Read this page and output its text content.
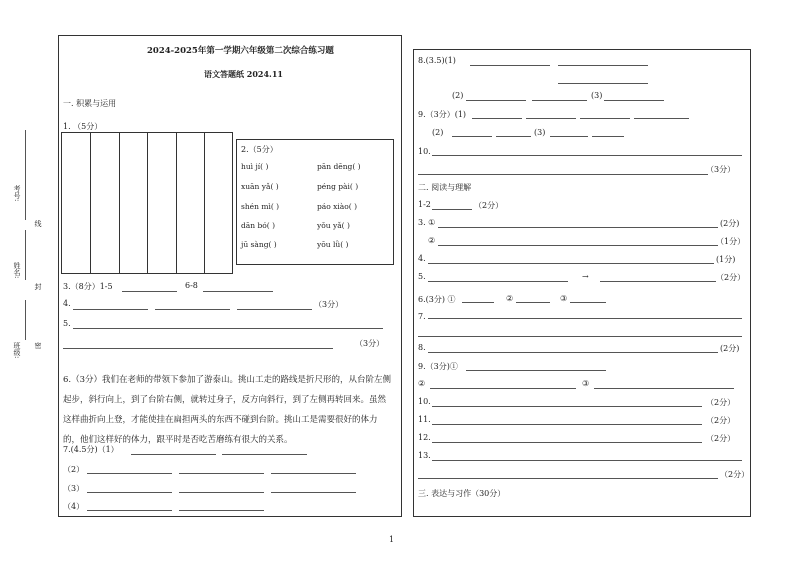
考号:
线
姓名:
封
班级: 密
2024-2025年第一学期六年级第二次综合练习题
语文答题纸 2024.11
一. 积累与运用
1. （5分）
2.（5分）
huì jí( )	pān dēng( )
xuān yǎ( )	péng pài( )
shén mì( )	páo xiào( )
dān bó( )	yǒu yǎ( )
jū sàng( )	yōu lǜ( )
3.（8分）1-5	6-8
4.	（3分）
5.
（3分）
6.（3分）我们在老师的带领下参加了游泰山。挑山工走的路线是折尺形的，从台阶左侧起步，斜行向上，到了台阶右侧，就转过身子，反方向斜行，到了左侧再转回来。虽然这样曲折向上登，才能使挂在扁担两头的东西不碰到台阶。挑山工是需要很好的体力的，他们这样好的体力，跟平时是否吃苦磨练有很大的关系。
7.(4.5分)（1）
（2）
（3）
（4）
8.(3.5)(1)
(2)	(3)
9.（3分）(1)
(2)	(3)
10.
（3分）
二. 阅读与理解
1-2	（2分）
3. ①	(2分)
②	（1分）
4.	(1分)
5.	→	（2分）
6.(3分) ①	②	③
7.
8.	(2分)
9.（3分)①
②	③
10.	（2分）
11.	（2分）
12.	（2分）
13.
（2分）
三. 表达与习作（30分）
1
